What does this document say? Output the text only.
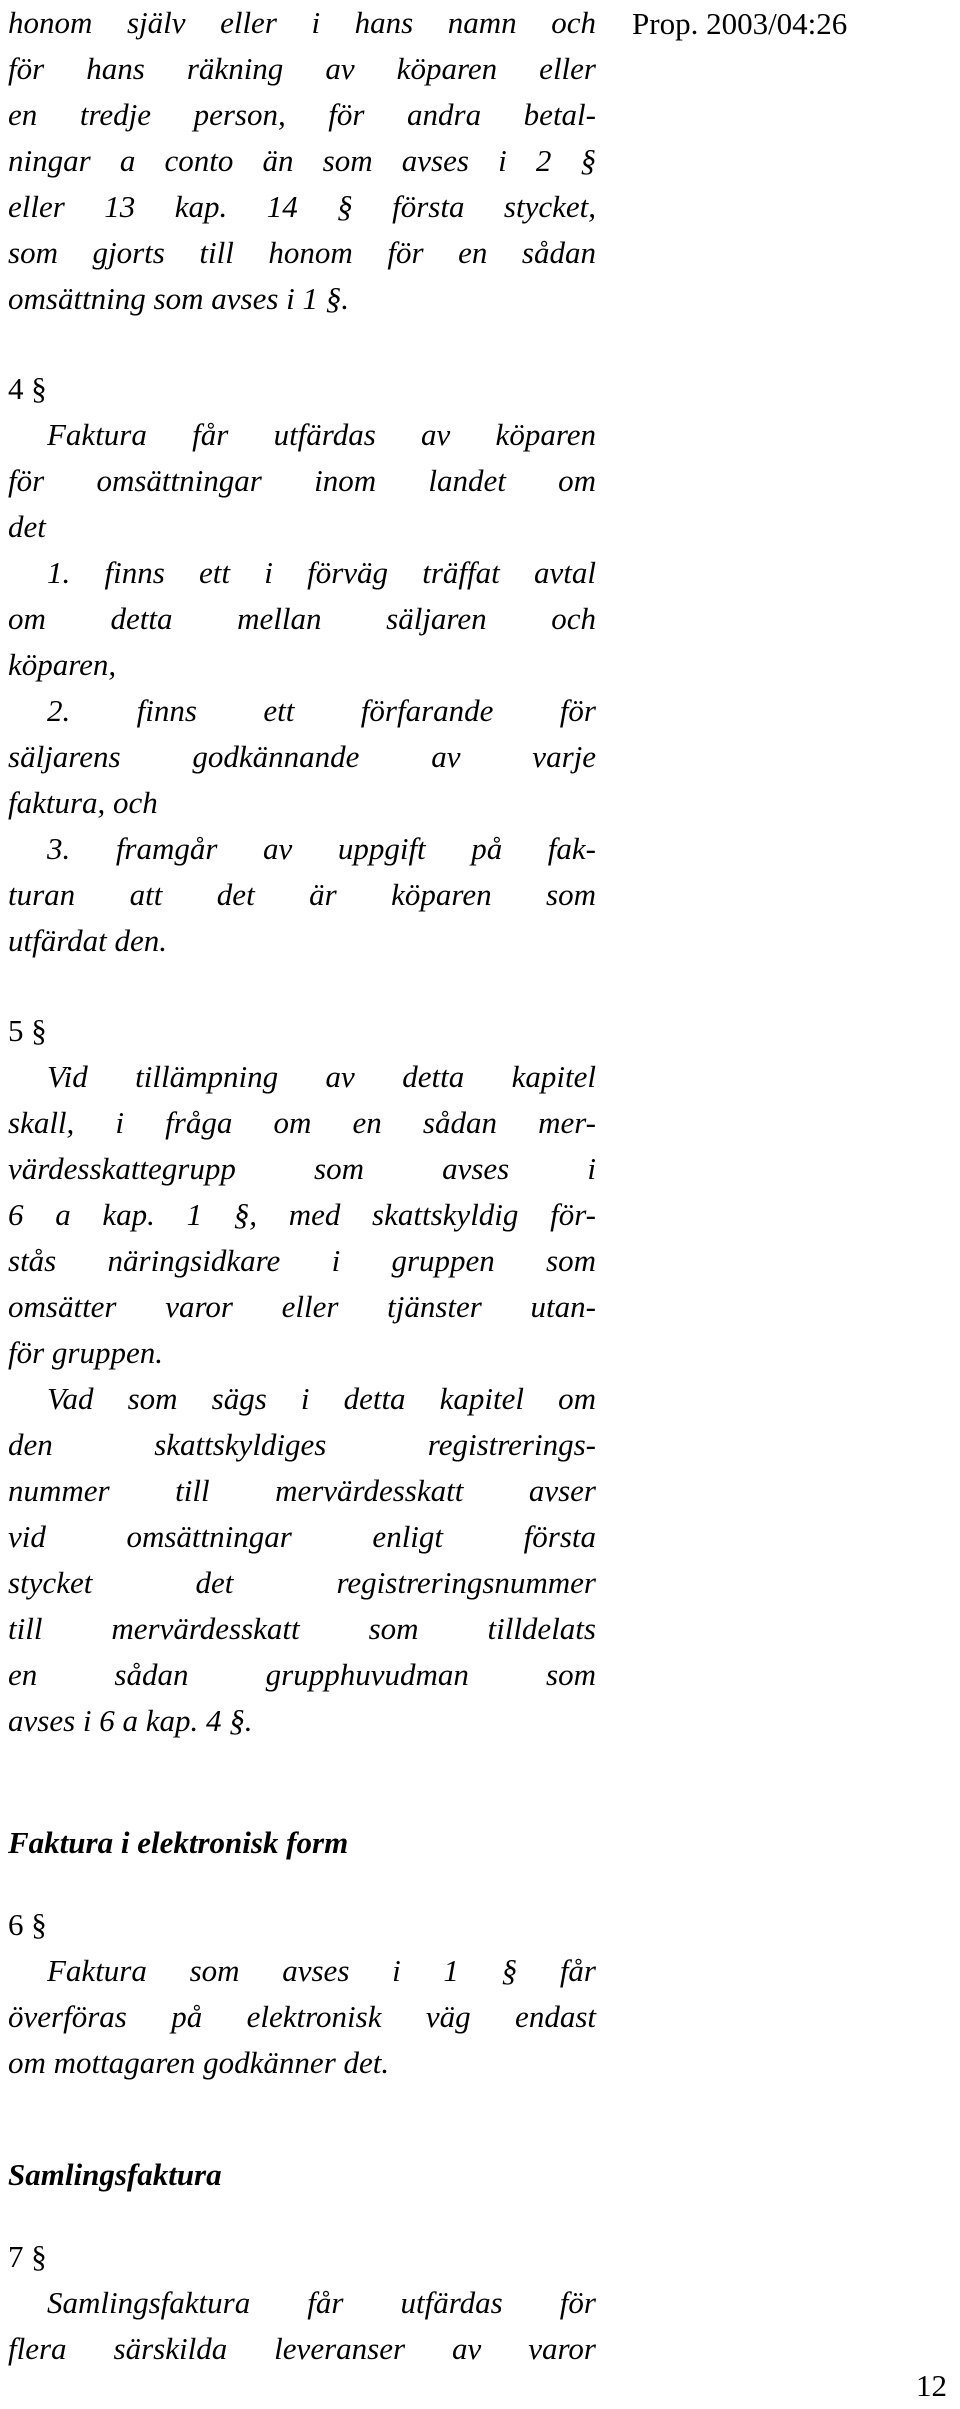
Prop. 2003/04:26
honom själv eller i hans namn och
för hans räkning av köparen eller
en tredje person, för andra betal-
ningar a conto än som avses i 2 §
eller 13 kap. 14 § första stycket,
som gjorts till honom för en sådan
omsättning som avses i 1 §.
4 §
Faktura får utfärdas av köparen
för omsättningar inom landet om
det
1. finns ett i förväg träffat avtal
om detta mellan säljaren och
köparen,
2. finns ett förfarande för
säljarens godkännande av varje
faktura, och
3. framgår av uppgift på fak-
turan att det är köparen som
utfärdat den.
5 §
Vid tillämpning av detta kapitel
skall, i fråga om en sådan mer-
värdesskattegrupp som avses i
6 a kap. 1 §, med skattskyldig för-
stås näringsidkare i gruppen som
omsätter varor eller tjänster utan-
för gruppen.
Vad som sägs i detta kapitel om
den skattskyldiges registrerings-
nummer till mervärdesskatt avser
vid omsättningar enligt första
stycket det registreringsnummer
till mervärdesskatt som tilldelats
en sådan grupphuvudman som
avses i 6 a kap. 4 §.
Faktura i elektronisk form
6 §
Faktura som avses i 1 § får
överföras på elektronisk väg endast
om mottagaren godkänner det.
Samlingsfaktura
7 §
Samlingsfaktura får utfärdas för
flera särskilda leveranser av varor
12
